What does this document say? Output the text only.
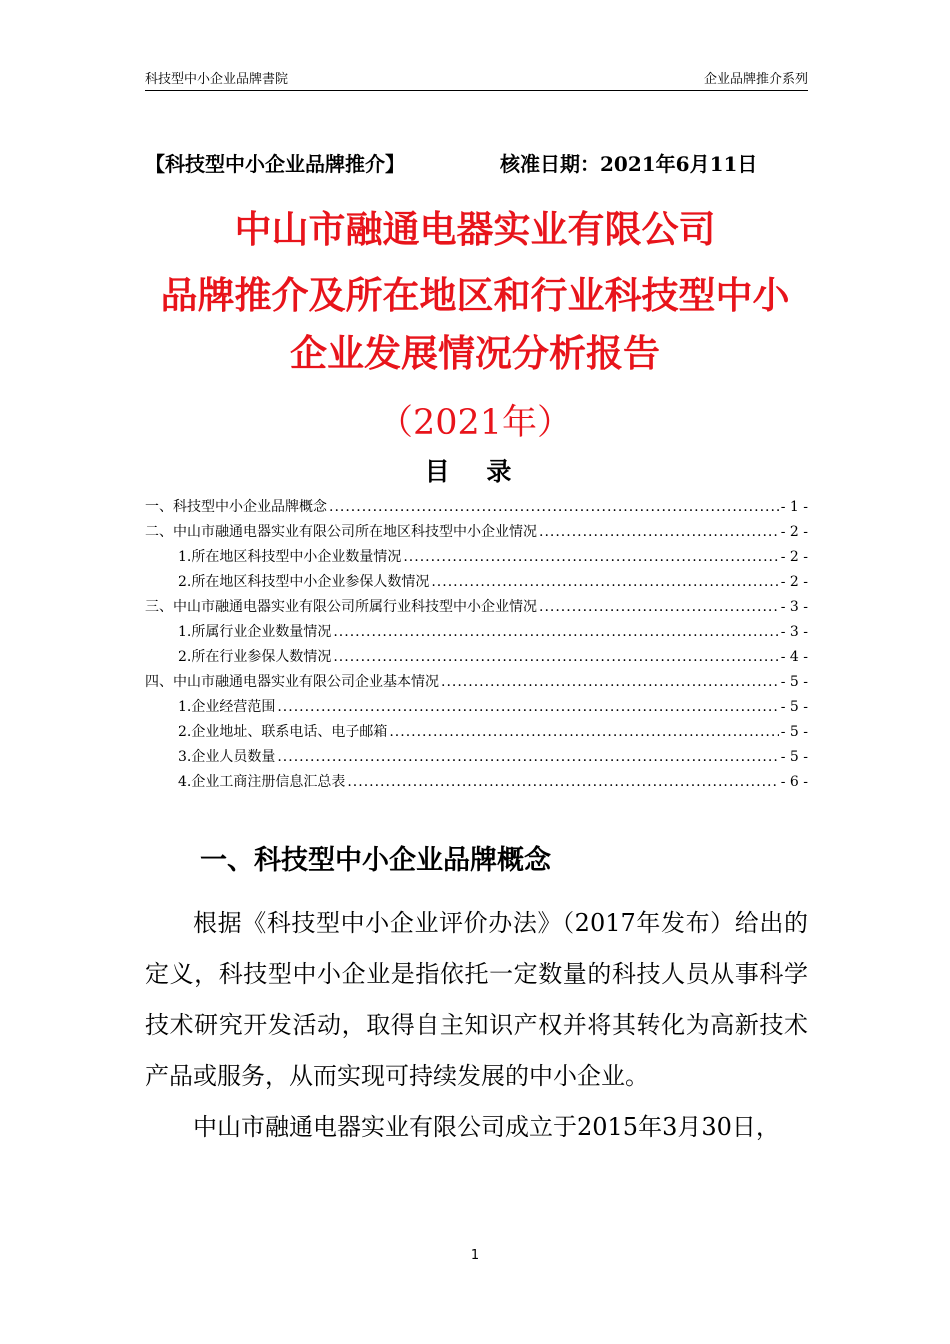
科技型中小企业品牌書院	企业品牌推介系列
【科技型中小企业品牌推介】	核准日期：2021年6月11日
中山市融通电器实业有限公司
品牌推介及所在地区和行业科技型中小
企业发展情况分析报告
（2021年）
目 录
一、科技型中小企业品牌概念 .....	- 1 -
二、中山市融通电器实业有限公司所在地区科技型中小企业情况 .....	- 2 -
1.所在地区科技型中小企业数量情况 .....	- 2 -
2.所在地区科技型中小企业参保人数情况 .....	- 2 -
三、中山市融通电器实业有限公司所属行业科技型中小企业情况 .....	- 3 -
1.所属行业企业数量情况 .....	- 3 -
2.所在行业参保人数情况 .....	- 4 -
四、中山市融通电器实业有限公司企业基本情况 .....	- 5 -
1.企业经营范围 .....	- 5 -
2.企业地址、联系电话、电子邮箱 .....	- 5 -
3.企业人员数量 .....	- 5 -
4.企业工商注册信息汇总表 .....	- 6 -
一、科技型中小企业品牌概念

根据《科技型中小企业评价办法》（2017年发布）给出的定义，科技型中小企业是指依托一定数量的科技人员从事科学技术研究开发活动，取得自主知识产权并将其转化为高新技术产品或服务，从而实现可持续发展的中小企业。

中山市融通电器实业有限公司成立于2015年3月30日，

1
